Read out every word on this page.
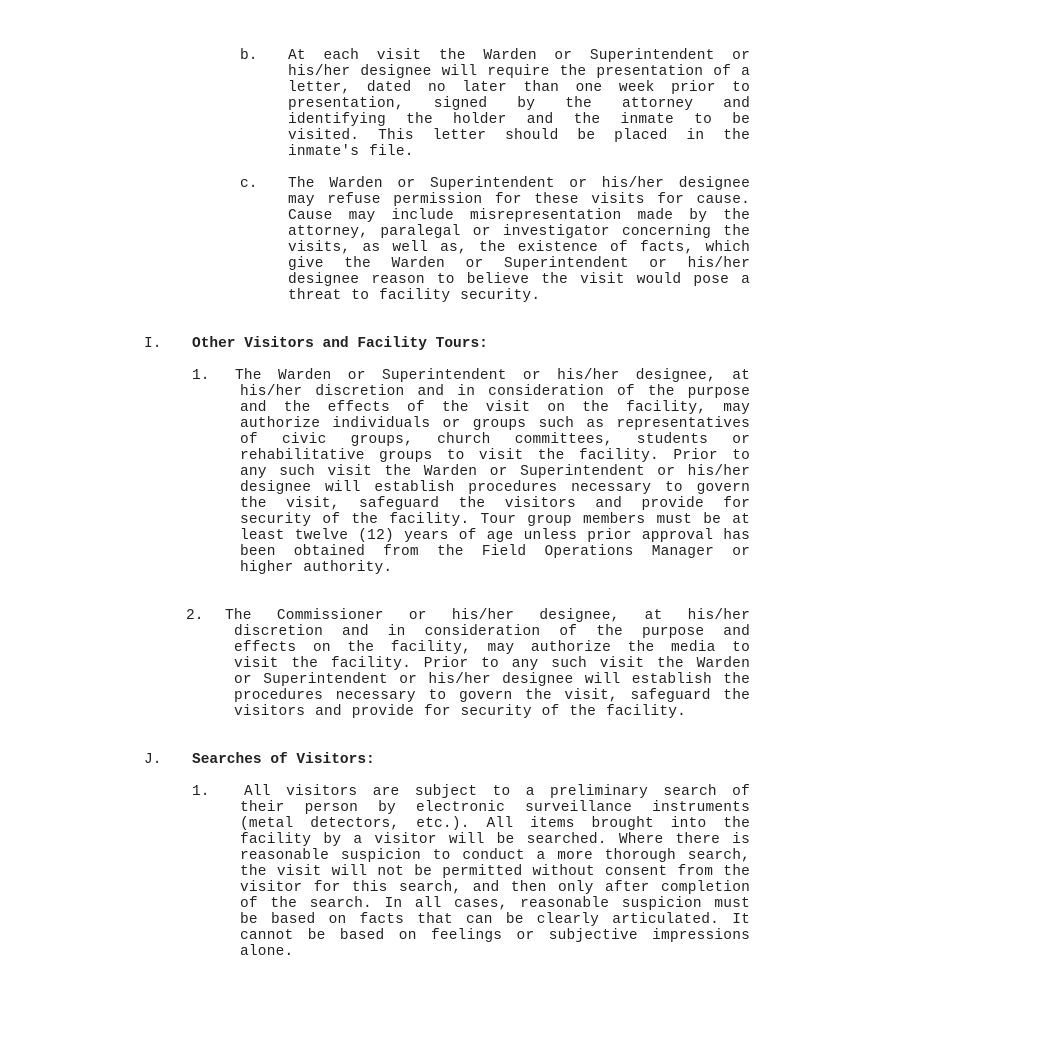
b. At each visit the Warden or Superintendent or his/her designee will require the presentation of a letter, dated no later than one week prior to presentation, signed by the attorney and identifying the holder and the inmate to be visited. This letter should be placed in the inmate's file.
c. The Warden or Superintendent or his/her designee may refuse permission for these visits for cause. Cause may include misrepresentation made by the attorney, paralegal or investigator concerning the visits, as well as, the existence of facts, which give the Warden or Superintendent or his/her designee reason to believe the visit would pose a threat to facility security.
I. Other Visitors and Facility Tours:
1. The Warden or Superintendent or his/her designee, at his/her discretion and in consideration of the purpose and the effects of the visit on the facility, may authorize individuals or groups such as representatives of civic groups, church committees, students or rehabilitative groups to visit the facility. Prior to any such visit the Warden or Superintendent or his/her designee will establish procedures necessary to govern the visit, safeguard the visitors and provide for security of the facility. Tour group members must be at least twelve (12) years of age unless prior approval has been obtained from the Field Operations Manager or higher authority.
2. The Commissioner or his/her designee, at his/her discretion and in consideration of the purpose and effects on the facility, may authorize the media to visit the facility. Prior to any such visit the Warden or Superintendent or his/her designee will establish the procedures necessary to govern the visit, safeguard the visitors and provide for security of the facility.
J. Searches of Visitors:
1. All visitors are subject to a preliminary search of their person by electronic surveillance instruments (metal detectors, etc.). All items brought into the facility by a visitor will be searched. Where there is reasonable suspicion to conduct a more thorough search, the visit will not be permitted without consent from the visitor for this search, and then only after completion of the search. In all cases, reasonable suspicion must be based on facts that can be clearly articulated. It cannot be based on feelings or subjective impressions alone.
